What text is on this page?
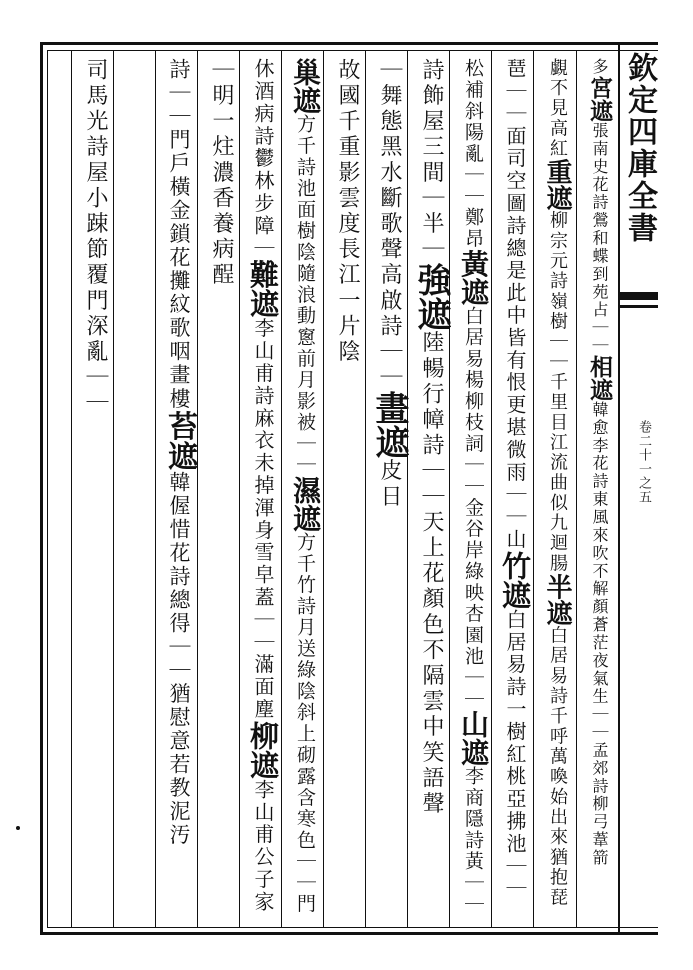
欽定四庫全書
卷二十一之五
多宮遮張南史花詩鶯和蝶到苑占｜｜相遮韓愈李花詩東風來吹不解顏蒼茫夜氣生｜｜孟郊詩柳弓葦箭
覷不見高紅重遮柳宗元詩嶺樹｜｜千里目江流曲似九迴腸半遮白居易詩千呼萬喚始出來猶抱琵
琶｜｜面司空圖詩總是此中皆有恨更堪微雨｜｜山竹遮白居易詩一樹紅桃亞拂池｜｜
松補斜陽亂｜｜鄭昂黃遮白居易楊柳枝詞｜｜金谷岸綠映杏園池｜｜山遮李商隱詩黃｜｜
詩飾屋三間｜半｜強遮陸暢行幛詩｜｜天上花顏色不隔雲中笑語聲
｜舞態黑水斷歌聲高啟詩｜｜畫遮皮日
故國千重影雲度長江一片陰
巢遮方千詩池面樹陰隨浪動窻前月影被｜｜濕遮方千竹詩月送綠陰斜上砌露含寒色｜｜門
休酒病詩鬱林步障｜難遮李山甫詩麻衣未掉渾身雪皁蓋｜｜滿面塵柳遮李山甫公子家
｜明一炷濃香養病酲
詩｜｜門戶橫金鎖花攤紋歌咽畫樓苔遮韓偓惜花詩總得｜｜猶慰意若教泥汚
司馬光詩屋小踈節覆門深亂｜｜
